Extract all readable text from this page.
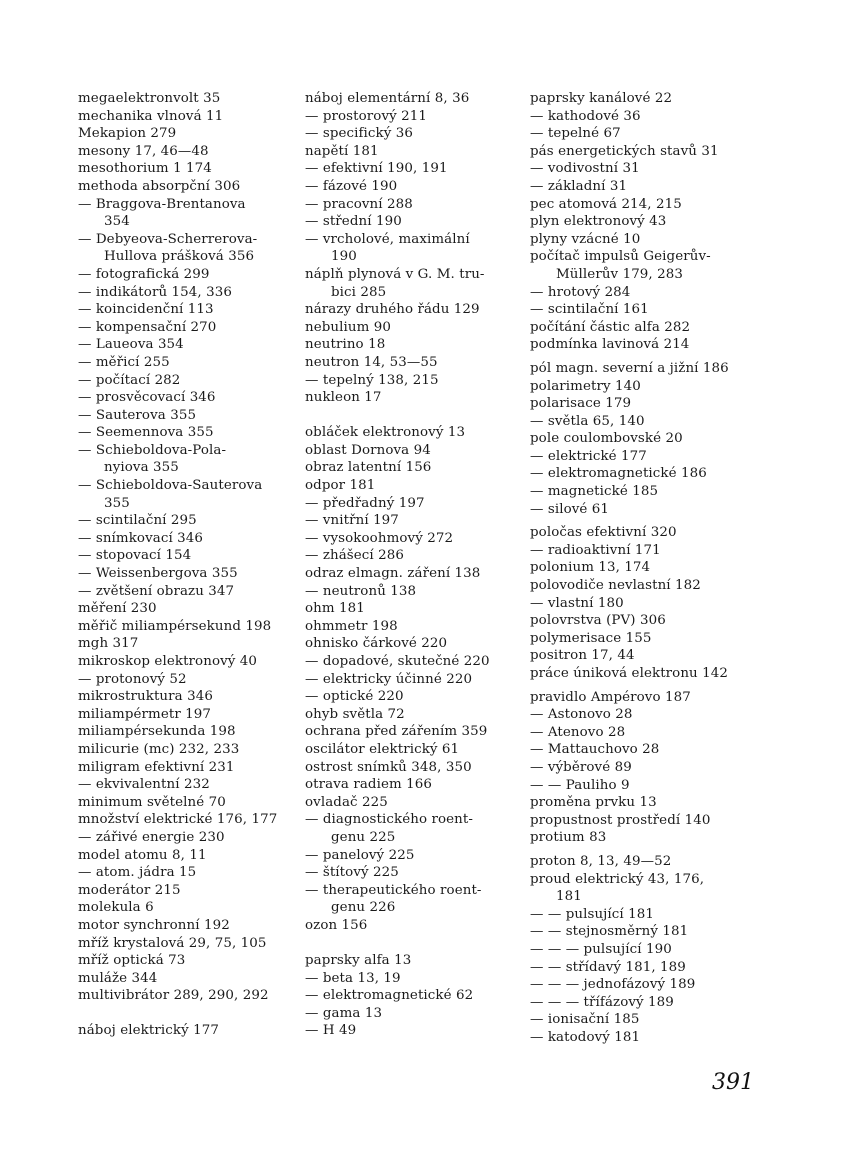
megaelektronvolt 35
mechanika vlnová 11
Mekapion 279
mesony 17, 46—48
mesothorium 1 174
methoda absorpční 306
— Braggova-Brentanova
354
— Debyeova-Scherrerova-
Hullova prášková 356
— fotografická 299
— indikátorů 154, 336
— koincidenční 113
— kompensační 270
— Laueova 354
— měřicí 255
— počítací 282
— prosvěcovací 346
— Sauterova 355
— Seemennova 355
— Schieboldova-Pola-
nyiova 355
— Schieboldova-Sauterova
355
— scintilační 295
— snímkovací 346
— stopovací 154
— Weissenbergova 355
— zvětšení obrazu 347
měření 230
měřič miliampérsekund 198
mgh 317
mikroskop elektronový 40
— protonový 52
mikrostruktura 346
miliampérmetr 197
miliampérsekunda 198
milicurie (mc) 232, 233
miligram efektivní 231
— ekvivalentní 232
minimum světelné 70
množství elektrické 176, 177
— zářivé energie 230
model atomu 8, 11
— atom. jádra 15
moderátor 215
molekula 6
motor synchronní 192
mříž krystalová 29, 75, 105
mříž optická 73
muláže 344
multivibrátor 289, 290, 292
náboj elektrický 177
náboj elementární 8, 36
— prostorový 211
— specifický 36
napětí 181
— efektivní 190, 191
— fázové 190
— pracovní 288
— střední 190
— vrcholové, maximální
190
náplň plynová v G. M. tru-
bici 285
nárazy druhého řádu 129
nebulium 90
neutrino 18
neutron 14, 53—55
— tepelný 138, 215
nukleon 17
obláček elektronový 13
oblast Dornova 94
obraz latentní 156
odpor 181
— předřadný 197
— vnitřní 197
— vysokoohmový 272
— zhášecí 286
odraz elmagn. záření 138
— neutronů 138
ohm 181
ohmmetr 198
ohnisko čárkové 220
— dopadové, skutečné 220
— elektricky účinné 220
— optické 220
ohyb světla 72
ochrana před zářením 359
oscilátor elektrický 61
ostrost snímků 348, 350
otrava radiem 166
ovladač 225
— diagnostického roent-
genu 225
— panelový 225
— štítový 225
— therapeutického roent-
genu 226
ozon 156
paprsky alfa 13
— beta 13, 19
— elektromagnetické 62
— gama 13
— H 49
paprsky kanálové 22
— kathodové 36
— tepelné 67
pás energetických stavů 31
— vodivostní 31
— základní 31
pec atomová 214, 215
plyn elektronový 43
plyny vzácné 10
počítač impulsů Geigerův-
Müllerův 179, 283
— hrotový 284
— scintilační 161
počítání částic alfa 282
podmínka lavinová 214
pól magn. severní a jižní 186
polarimetry 140
polarisace 179
— světla 65, 140
pole coulombovské 20
— elektrické 177
— elektromagnetické 186
— magnetické 185
— silové 61
poločas efektivní 320
— radioaktivní 171
polonium 13, 174
polovodiče nevlastní 182
— vlastní 180
polovrstva (PV) 306
polymerisace 155
positron 17, 44
práce úniková elektronu 142
pravidlo Ampérovo 187
— Astonovo 28
— Atenovo 28
— Mattauchovo 28
— výběrové 89
— — Pauliho 9
proměna prvku 13
propustnost prostředí 140
protium 83
proton 8, 13, 49—52
proud elektrický 43, 176,
181
— — pulsující 181
— — stejnosměrný 181
— — — pulsující 190
— — střídavý 181, 189
— — — jednofázový 189
— — — třífázový 189
— ionisační 185
— katodový 181
391
